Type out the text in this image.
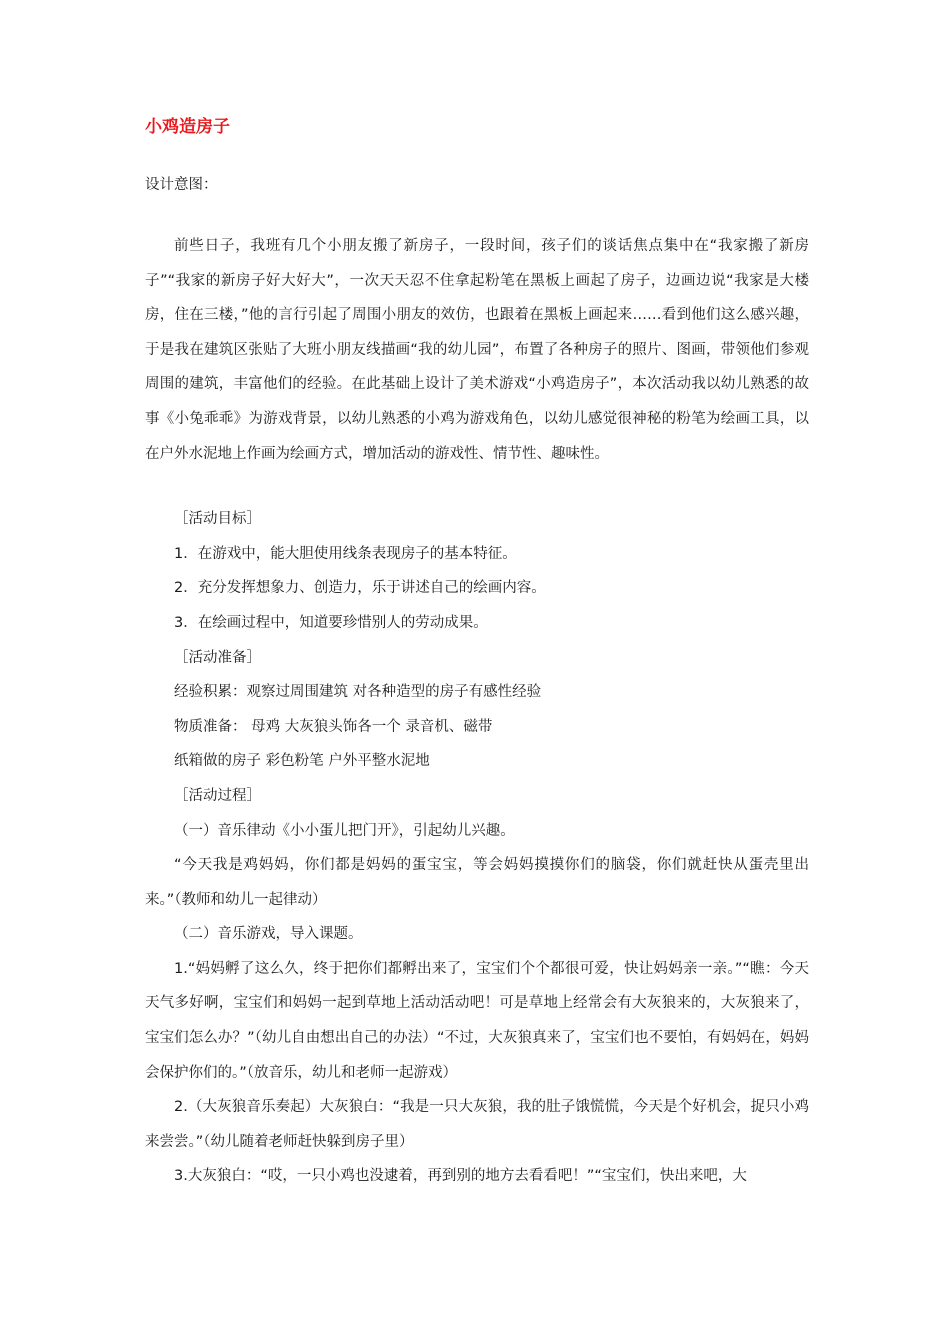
小鸡造房子
设计意图：
前些日子，我班有几个小朋友搬了新房子，一段时间，孩子们的谈话焦点集中在“我家搬了新房子”“我家的新房子好大好大”，一次天天忍不住拿起粉笔在黑板上画起了房子，边画边说“我家是大楼房，住在三楼，”他的言行引起了周围小朋友的效仿，也跟着在黑板上画起来……看到他们这么感兴趣，于是我在建筑区张贴了大班小朋友线描画“我的幼儿园”，布置了各种房子的照片、图画，带领他们参观周围的建筑，丰富他们的经验。在此基础上设计了美术游戏“小鸡造房子”，本次活动我以幼儿熟悉的故事《小兔乖乖》为游戏背景，以幼儿熟悉的小鸡为游戏角色，以幼儿感觉很神秘的粉笔为绘画工具，以在户外水泥地上作画为绘画方式，增加活动的游戏性、情节性、趣味性。
［活动目标］
1．在游戏中，能大胆使用线条表现房子的基本特征。
2．充分发挥想象力、创造力，乐于讲述自己的绘画内容。
3．在绘画过程中，知道要珍惜别人的劳动成果。
［活动准备］
经验积累：观察过周围建筑 对各种造型的房子有感性经验
物质准备： 母鸡 大灰狼头饰各一个 录音机、磁带
纸箱做的房子 彩色粉笔 户外平整水泥地
［活动过程］
（一）音乐律动《小小蛋儿把门开》，引起幼儿兴趣。
“今天我是鸡妈妈，你们都是妈妈的蛋宝宝，等会妈妈摸摸你们的脑袋，你们就赶快从蛋壳里出来。”（教师和幼儿一起律动）
（二）音乐游戏，导入课题。
1.“妈妈孵了这么久，终于把你们都孵出来了，宝宝们个个都很可爱，快让妈妈亲一亲。”“瞧：今天天气多好啊，宝宝们和妈妈一起到草地上活动活动吧！可是草地上经常会有大灰狼来的，大灰狼来了，宝宝们怎么办？”（幼儿自由想出自己的办法）“不过，大灰狼真来了，宝宝们也不要怕，有妈妈在，妈妈会保护你们的。”（放音乐，幼儿和老师一起游戏）
2.（大灰狼音乐奏起）大灰狼白：“我是一只大灰狼，我的肚子饿慌慌，今天是个好机会，捉只小鸡来尝尝。”（幼儿随着老师赶快躲到房子里）
3.大灰狼白：“哎，一只小鸡也没逮着，再到别的地方去看看吧！”“宝宝们，快出来吧，大
